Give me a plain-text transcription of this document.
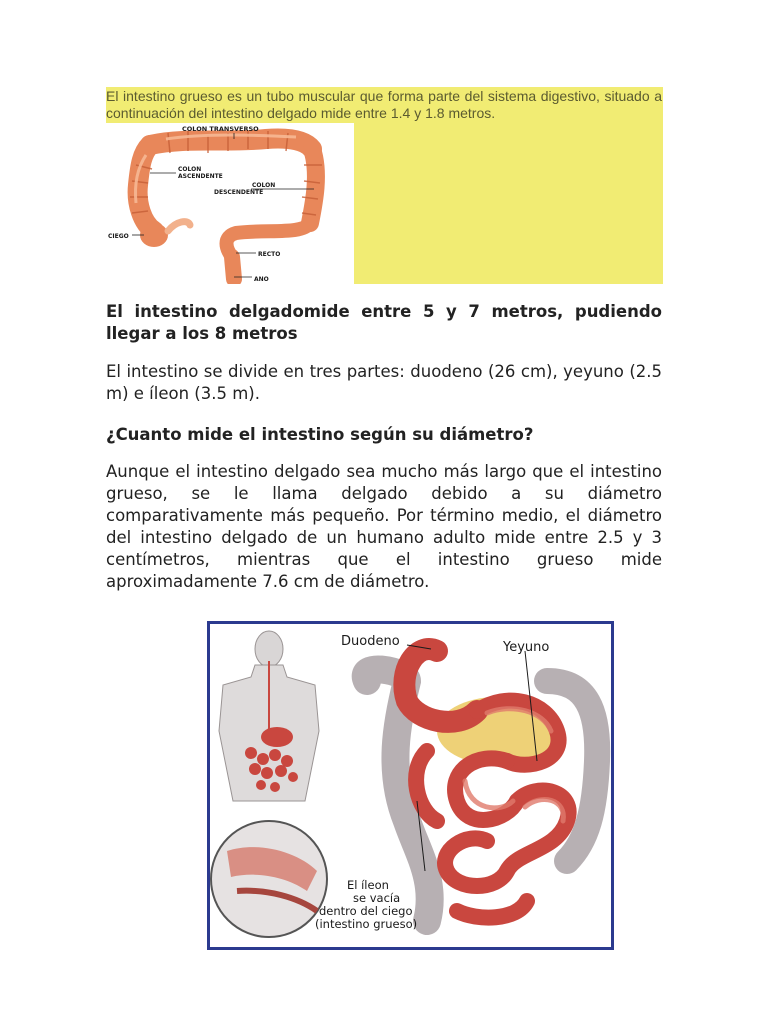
El intestino grueso es un tubo muscular que forma parte del sistema digestivo, situado a continuación del intestino delgado mide entre 1.4 y 1.8 metros.

COLON TRANSVERSO
COLON
ASCENDENTE
COLON
DESCENDENTE
CIEGO
RECTO
ANO

El intestino delgadomide entre 5 y 7 metros, pudiendo llegar a los 8 metros

El intestino se divide en tres partes: duodeno (26 cm), yeyuno (2.5 m) e íleon (3.5 m).

¿Cuanto mide el intestino según su diámetro?

Aunque el intestino delgado sea mucho más largo que el intestino grueso, se le llama delgado debido a su diámetro comparativamente más pequeño. Por término medio, el diámetro del intestino delgado de un humano adulto mide entre 2.5 y 3 centímetros, mientras que el intestino grueso mide aproximadamente 7.6 cm de diámetro.

Duodeno	Yeyuno
El íleon
se vacía
dentro del ciego
(intestino grueso)
